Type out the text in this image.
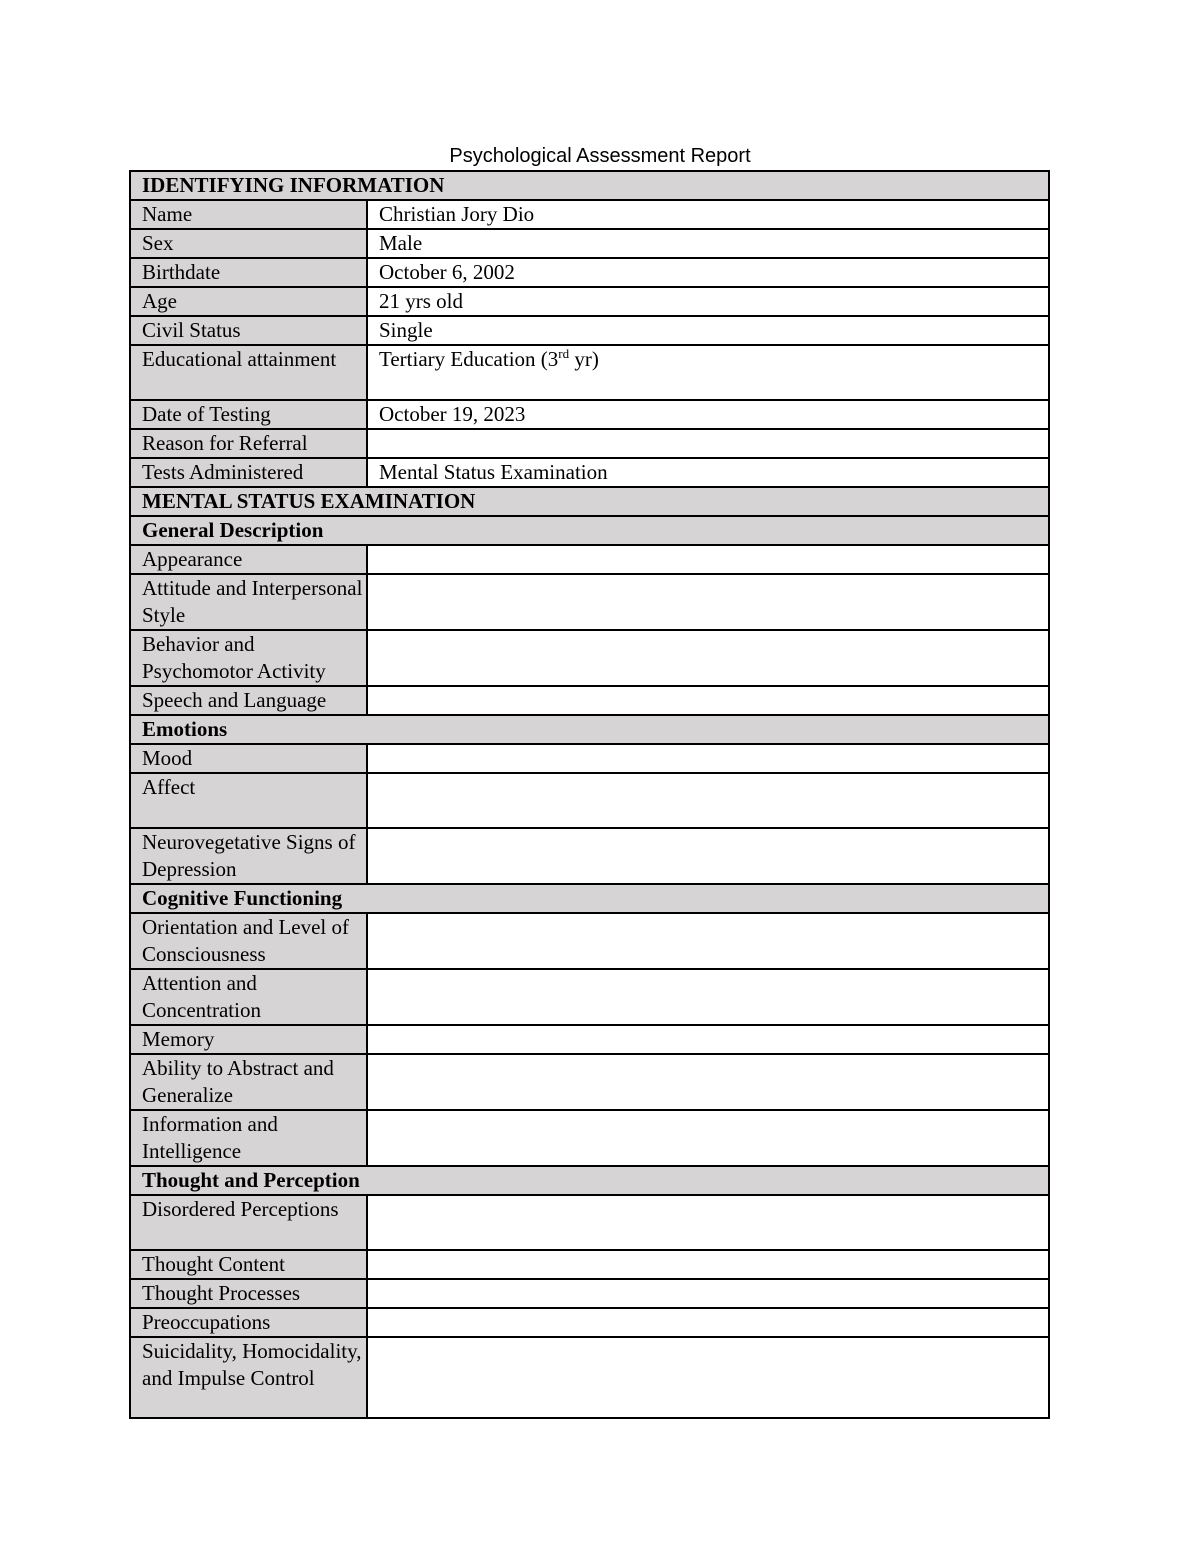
Psychological Assessment Report
IDENTIFYING INFORMATION	
Name	Christian Jory Dio
Sex	Male
Birthdate	October 6, 2002
Age	21 yrs old
Civil Status	Single
Educational attainment	Tertiary Education (3rd yr)
Date of Testing	October 19, 2023
Reason for Referral	
Tests Administered	Mental Status Examination
MENTAL STATUS EXAMINATION	
General Description	
Appearance	
Attitude and Interpersonal Style	
Behavior and Psychomotor Activity	
Speech and Language	
Emotions	
Mood	
Affect	
Neurovegetative Signs of Depression	
Cognitive Functioning	
Orientation and Level of Consciousness	
Attention and Concentration	
Memory	
Ability to Abstract and Generalize	
Information and Intelligence	
Thought and Perception	
Disordered Perceptions	
Thought Content	
Thought Processes	
Preoccupations	
Suicidality, Homocidality, and Impulse Control	
